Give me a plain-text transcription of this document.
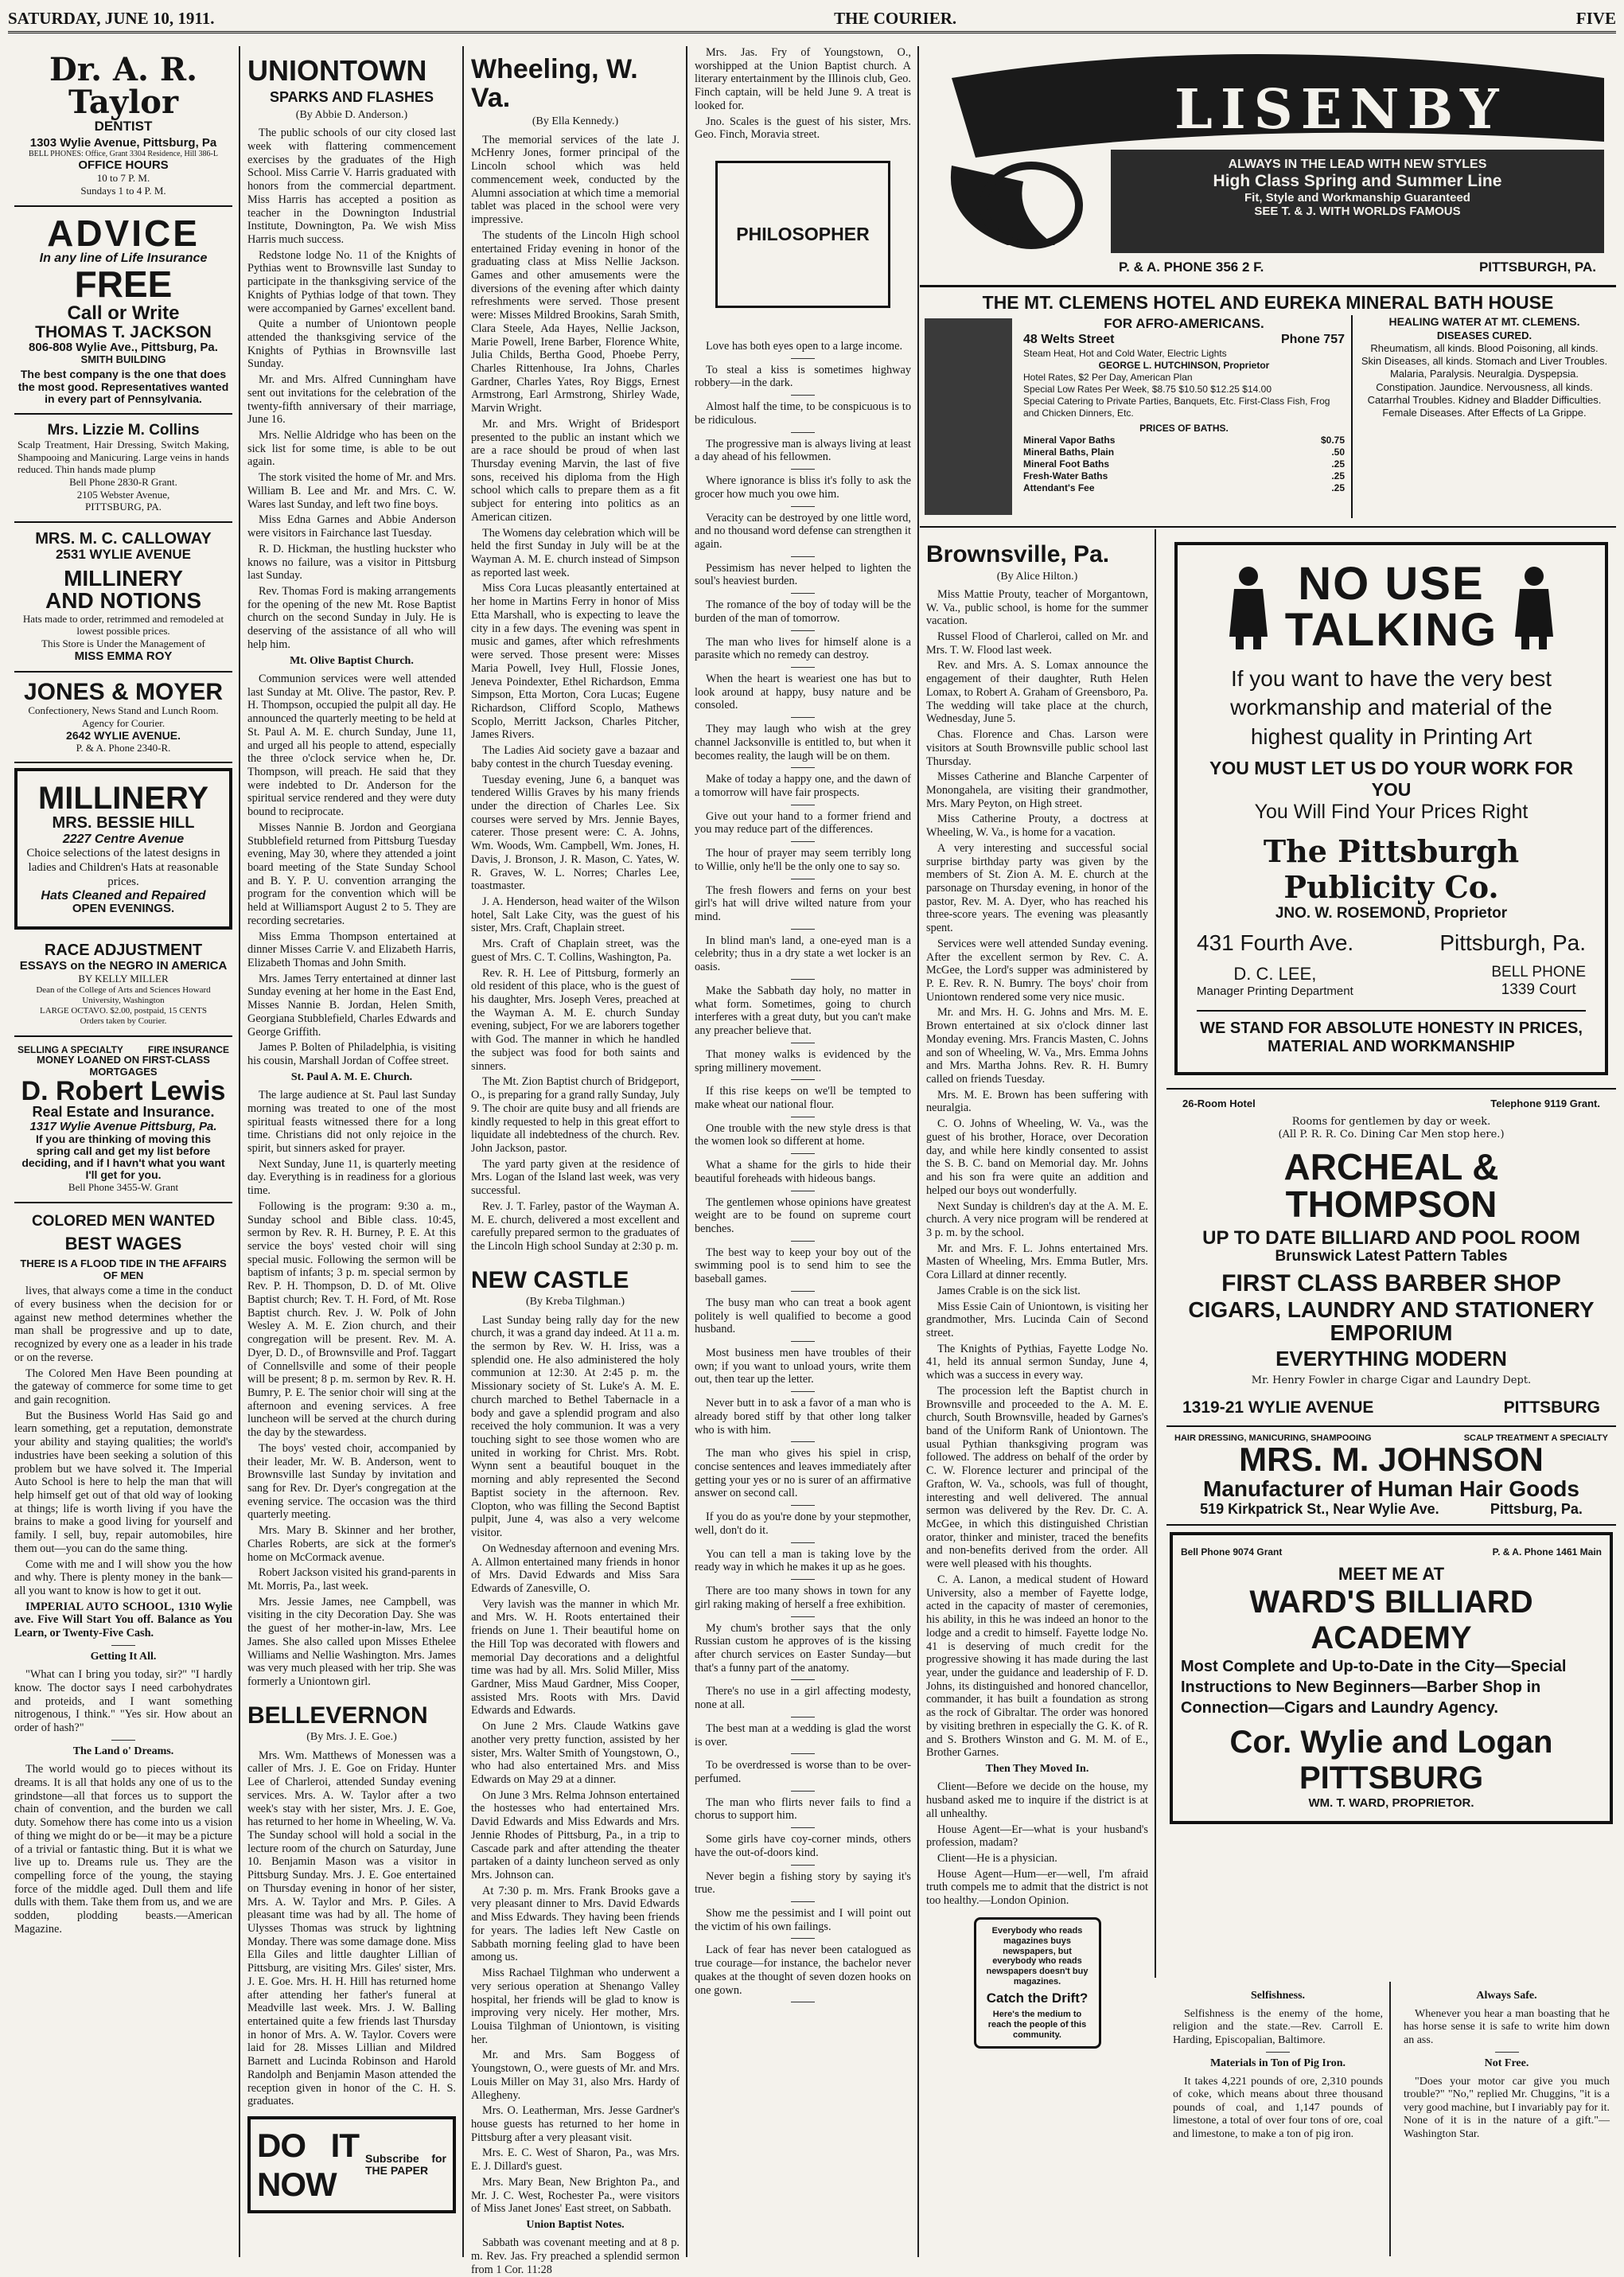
SATURDAY, JUNE 10, 1911.	THE COURIER.	FIVE
Dr. A. R. Taylor
DENTIST
1303 Wylie Avenue, Pittsburg, Pa
BELL PHONES: Office, Grant 3304 Residence, Hill 386-L
OFFICE HOURS
10 to 7 P. M.
Sundays 1 to 4 P. M.
ADVICE
In any line of Life Insurance
FREE
Call or Write
THOMAS T. JACKSON
806-808 Wylie Ave., Pittsburg, Pa.
SMITH BUILDING
The best company is the one that does the most good. Representatives wanted in every part of Pennsylvania.
Mrs. Lizzie M. Collins
Scalp Treatment, Hair Dressing, Switch Making, Shampooing and Manicuring. Large veins in hands reduced. Thin hands made plump
Bell Phone 2830-R Grant.
2105 Webster Avenue,
PITTSBURG, PA.
MRS. M. C. CALLOWAY
2531 WYLIE AVENUE
MILLINERY
AND NOTIONS
Hats made to order, retrimmed and remodeled at lowest possible prices.
This Store is Under the Management of
MISS EMMA ROY
JONES & MOYER
Confectionery, News Stand and Lunch Room.
Agency for Courier.
2642 WYLIE AVENUE.
P. & A. Phone 2340-R.
MILLINERY
MRS. BESSIE HILL
2227 Centre Avenue
Choice selections of the latest designs in ladies and Children's Hats at reasonable prices.
Hats Cleaned and Repaired
OPEN EVENINGS.
RACE ADJUSTMENT
ESSAYS on the NEGRO IN AMERICA
BY KELLY MILLER
Dean of the College of Arts and Sciences Howard University, Washington
LARGE OCTAVO. $2.00, postpaid, 15 CENTS
Orders taken by Courier.
SELLING A SPECIALTY	FIRE INSURANCE
MONEY LOANED ON FIRST-CLASS MORTGAGES
D. Robert Lewis
Real Estate and Insurance.
1317 Wylie Avenue Pittsburg, Pa.
If you are thinking of moving this spring call and get my list before deciding, and if I havn't what you want I'll get for you.
Bell Phone 3455-W. Grant
COLORED MEN WANTED
BEST WAGES
THERE IS A FLOOD TIDE IN THE AFFAIRS OF MEN

lives, that always come a time in the conduct of every business when the decision for or against new method determines whether the man shall be progressive and up to date, recognized by every one as a leader in his trade or on the reverse.

The Colored Men Have Been pounding at the gateway of commerce for some time to get and gain recognition.

But the Business World Has Said go and learn something, get a reputation, demonstrate your ability and staying qualities; the world's industries have been seeking a solution of this problem but we have solved it. The Imperial Auto School is here to help the man that will help himself get out of that old way of looking at things; life is worth living if you have the brains to make a good living for yourself and family. I sell, buy, repair automobiles, hire them out—you can do the same thing.

Come with me and I will show you the how and why. There is plenty money in the bank—all you want to know is how to get it out.

IMPERIAL AUTO SCHOOL, 1310 Wylie ave. Five Will Start You off. Balance as You Learn, or Twenty-Five Cash.

Getting It All.

"What can I bring you today, sir?" "I hardly know. The doctor says I need carbohydrates and proteids, and I want something nitrogenous, I think." "Yes sir. How about an order of hash?"

The Land o' Dreams.

The world would go to pieces without its dreams. It is all that holds any one of us to the grindstone—all that forces us to support the chain of convention, and the burden we call duty. Somehow there has come into us a vision of thing we might do or be—it may be a picture of a trivial or fantastic thing. But it is what we live up to. Dreams rule us. They are the compelling force of the young, the staying force of the middle aged. Dull them and life dulls with them. Take them from us, and we are sodden, plodding beasts.—American Magazine.

UNIONTOWN
SPARKS AND FLASHES
(By Abbie D. Anderson.)

The public schools of our city closed last week with flattering commencement exercises by the graduates of the High School. Miss Carrie V. Harris graduated with honors from the commercial department. Miss Harris has accepted a position as teacher in the Downington Industrial Institute, Downington, Pa. We wish Miss Harris much success.

Redstone lodge No. 11 of the Knights of Pythias went to Brownsville last Sunday to participate in the thanksgiving service of the Knights of Pythias lodge of that town. They were accompanied by Garnes' excellent band.

Quite a number of Uniontown people attended the thanksgiving service of the Knights of Pythias in Brownsville last Sunday.

Mr. and Mrs. Alfred Cunningham have sent out invitations for the celebration of the twenty-fifth anniversary of their marriage, June 16.

Mrs. Nellie Aldridge who has been on the sick list for some time, is able to be out again.

The stork visited the home of Mr. and Mrs. William B. Lee and Mr. and Mrs. C. W. Wares last Sunday, and left two fine boys.

Miss Edna Garnes and Abbie Anderson were visitors in Fairchance last Tuesday.

R. D. Hickman, the hustling huckster who knows no failure, was a visitor in Pittsburg last Sunday.

Rev. Thomas Ford is making arrangements for the opening of the new Mt. Rose Baptist church on the second Sunday in July. He is deserving of the assistance of all who will help him.

Mt. Olive Baptist Church.

Communion services were well attended last Sunday at Mt. Olive. The pastor, Rev. P. H. Thompson, occupied the pulpit all day. He announced the quarterly meeting to be held at St. Paul A. M. E. church Sunday, June 11, and urged all his people to attend, especially the three o'clock service when he, Dr. Thompson, will preach. He said that they were indebted to Dr. Anderson for the spiritual service rendered and they were duty bound to reciprocate.

Misses Nannie B. Jordon and Georgiana Stubblefield returned from Pittsburg Tuesday evening, May 30, where they attended a joint board meeting of the State Sunday School and B. Y. P. U. convention arranging the program for the convention which will be held at Williamsport August 2 to 5. They are recording secretaries.

Miss Emma Thompson entertained at dinner Misses Carrie V. and Elizabeth Harris, Elizabeth Thomas and John Smith.

Mrs. James Terry entertained at dinner last Sunday evening at her home in the East End, Misses Nannie B. Jordan, Helen Smith, Georgiana Stubblefield, Charles Edwards and George Griffith.

James P. Bolten of Philadelphia, is visiting his cousin, Marshall Jordan of Coffee street.

St. Paul A. M. E. Church.

The large audience at St. Paul last Sunday morning was treated to one of the most spiritual feasts witnessed there for a long time. Christians did not only rejoice in the spirit, but sinners asked for prayer.

Next Sunday, June 11, is quarterly meeting day. Everything is in readiness for a glorious time.

Following is the program: 9:30 a. m., Sunday school and Bible class. 10:45, sermon by Rev. R. H. Burney, P. E. At this service the boys' vested choir will sing special music. Following the sermon will be baptism of infants; 3 p. m. special sermon by Rev. P. H. Thompson, D. D. of Mt. Olive Baptist church; Rev. T. H. Ford, of Mt. Rose Baptist church. Rev. J. W. Polk of John Wesley A. M. E. Zion church, and their congregation will be present. Rev. M. A. Dyer, D. D., of Brownsville and Prof. Taggart of Connellsville and some of their people will be present; 8 p. m. sermon by Rev. R. H. Bumry, P. E. The senior choir will sing at the afternoon and evening services. A free luncheon will be served at the church during the day by the stewardess.

The boys' vested choir, accompanied by their leader, Mr. W. B. Anderson, went to Brownsville last Sunday by invitation and sang for Rev. Dr. Dyer's congregation at the evening service. The occasion was the third quarterly meeting.

Mrs. Mary B. Skinner and her brother, Charles Roberts, are sick at the former's home on McCormack avenue.

Robert Jackson visited his grand-parents in Mt. Morris, Pa., last week.

Mrs. Jessie James, nee Campbell, was visiting in the city Decoration Day. She was the guest of her mother-in-law, Mrs. Lee James. She also called upon Misses Ethelee Williams and Nellie Washington. Mrs. James was very much pleased with her trip. She was formerly a Uniontown girl.

BELLEVERNON
(By Mrs. J. E. Goe.)

Mrs. Wm. Matthews of Monessen was a caller of Mrs. J. E. Goe on Friday. Hunter Lee of Charleroi, attended Sunday evening services. Mrs. A. W. Taylor after a two week's stay with her sister, Mrs. J. E. Goe, has returned to her home in Wheeling, W. Va. The Sunday school will hold a social in the lecture room of the church on Saturday, June 10. Benjamin Mason was a visitor in Pittsburg Sunday. Mrs. J. E. Goe entertained on Thursday evening in honor of her sister, Mrs. A. W. Taylor and Mrs. P. Giles. A pleasant time was had by all. The home of Ulysses Thomas was struck by lightning Monday. There was some damage done. Miss Ella Giles and little daughter Lillian of Pittsburg, are visiting Mrs. Giles' sister, Mrs. J. E. Goe. Mrs. H. H. Hill has returned home after attending her father's funeral at Meadville last week. Mrs. J. W. Balling entertained quite a few friends last Thursday in honor of Mrs. A. W. Taylor. Covers were laid for 28. Misses Lillian and Mildred Barnett and Lucinda Robinson and Harold Randolph and Benjamin Mason attended the reception given in honor of the C. H. S. graduates.

DO IT NOW
Subscribe for THE PAPER
Wheeling, W. Va.
(By Ella Kennedy.)

The memorial services of the late J. McHenry Jones, former principal of the Lincoln school which was held commencement week, conducted by the Alumni association at which time a memorial tablet was placed in the school were very impressive.

The students of the Lincoln High school entertained Friday evening in honor of the graduating class at Miss Nellie Jackson. Games and other amusements were the diversions of the evening after which dainty refreshments were served. Those present were: Misses Mildred Brookins, Sarah Smith, Clara Steele, Ada Hayes, Nellie Jackson, Marie Powell, Irene Barber, Florence White, Julia Childs, Bertha Good, Phoebe Perry, Charles Rittenhouse, Ira Johns, Charles Gardner, Charles Yates, Roy Biggs, Ernest Armstrong, Earl Armstrong, Shirley Wade, Marvin Wright.

Mr. and Mrs. Wright of Bridesport presented to the public an instant which we are a race should be proud of when last Thursday evening Marvin, the last of five sons, received his diploma from the High school which calls to prepare them as a fit subject for entering into politics as an American citizen.

The Womens day celebration which will be held the first Sunday in July will be at the Wayman A. M. E. church instead of Simpson as reported last week.

Miss Cora Lucas pleasantly entertained at her home in Martins Ferry in honor of Miss Etta Marshall, who is expecting to leave the city in a few days. The evening was spent in music and games, after which refreshments were served. Those present were: Misses Maria Powell, Ivey Hull, Flossie Jones, Jeneva Poindexter, Ethel Richardson, Emma Simpson, Etta Morton, Cora Lucas; Eugene Richardson, Clifford Scoplo, Mathews Scoplo, Merritt Jackson, Charles Pitcher, James Rivers.

The Ladies Aid society gave a bazaar and baby contest in the church Tuesday evening.

Tuesday evening, June 6, a banquet was tendered Willis Graves by his many friends under the direction of Charles Lee. Six courses were served by Mrs. Jennie Bayes, caterer. Those present were: C. A. Johns, Wm. Woods, Wm. Campbell, Wm. Jones, H. Davis, J. Bronson, J. R. Mason, C. Yates, W. R. Graves, W. L. Norres; Charles Lee, toastmaster.

J. A. Henderson, head waiter of the Wilson hotel, Salt Lake City, was the guest of his sister, Mrs. Craft, Chaplain street.

Mrs. Craft of Chaplain street, was the guest of Mrs. C. T. Collins, Washington, Pa.

Rev. R. H. Lee of Pittsburg, formerly an old resident of this place, who is the guest of his daughter, Mrs. Joseph Veres, preached at the Wayman A. M. E. church Sunday evening, subject, For we are laborers together with God. The manner in which he handled the subject was food for both saints and sinners.

The Mt. Zion Baptist church of Bridgeport, O., is preparing for a grand rally Sunday, July 9. The choir are quite busy and all friends are kindly requested to help in this great effort to liquidate all indebtedness of the church. Rev. John Jackson, pastor.

The yard party given at the residence of Mrs. Logan of the Island last week, was very successful.

Rev. J. T. Farley, pastor of the Wayman A. M. E. church, delivered a most excellent and carefully prepared sermon to the graduates of the Lincoln High school Sunday at 2:30 p. m.

NEW CASTLE
(By Kreba Tilghman.)

Last Sunday being rally day for the new church, it was a grand day indeed. At 11 a. m. the sermon by Rev. W. H. Iriss, was a splendid one. He also administered the holy communion at 12:30. At 2:45 p. m. the Missionary society of St. Luke's A. M. E. church marched to Bethel Tabernacle in a body and gave a splendid program and also received the holy communion. It was a very touching sight to see those women who are united in working for Christ. Mrs. Robt. Wynn sent a beautiful bouquet in the morning and ably represented the Second Baptist society in the afternoon. Rev. Clopton, who was filling the Second Baptist pulpit, June 4, was also a very welcome visitor.

On Wednesday afternoon and evening Mrs. A. Allmon entertained many friends in honor of Mrs. David Edwards and Miss Sara Edwards of Zanesville, O.

Very lavish was the manner in which Mr. and Mrs. W. H. Roots entertained their friends on June 1. Their beautiful home on the Hill Top was decorated with flowers and memorial Day decorations and a delightful time was had by all. Mrs. Solid Miller, Miss Gardner, Miss Maud Gardner, Miss Cooper, assisted Mrs. Roots with Mrs. David Edwards and Edwards.

On June 2 Mrs. Claude Watkins gave another very pretty function, assisted by her sister, Mrs. Walter Smith of Youngstown, O., who had also entertained Mrs. and Miss Edwards on May 29 at a dinner.

On June 3 Mrs. Relma Johnson entertained the hostesses who had entertained Mrs. David Edwards and Miss Edwards and Mrs. Jennie Rhodes of Pittsburg, Pa., in a trip to Cascade park and after attending the theater partaken of a dainty luncheon served as only Mrs. Johnson can.

At 7:30 p. m. Mrs. Frank Brooks gave a very pleasant dinner to Mrs. David Edwards and Miss Edwards. They having been friends for years. The ladies left New Castle on Sabbath morning feeling glad to have been among us.

Miss Rachael Tilghman who underwent a very serious operation at Shenango Valley hospital, her friends will be glad to know is improving very nicely. Her mother, Mrs. Louisa Tilghman of Uniontown, is visiting her.

Mr. and Mrs. Sam Boggess of Youngstown, O., were guests of Mr. and Mrs. Louis Miller on May 31, also Mrs. Hardy of Allegheny.

Mrs. O. Leatherman, Mrs. Jesse Gardner's house guests has returned to her home in Pittsburg after a very pleasant visit.

Mrs. E. C. West of Sharon, Pa., was Mrs. E. J. Dillard's guest.

Mrs. Mary Bean, New Brighton Pa., and Mr. J. C. West, Rochester Pa., were visitors of Miss Janet Jones' East street, on Sabbath.

Union Baptist Notes.

Sabbath was covenant meeting and at 8 p. m. Rev. Jas. Fry preached a splendid sermon from 1 Cor. 11:28

Mrs. Jas. Fry of Youngstown, O., worshipped at the Union Baptist church. A literary entertainment by the Illinois club, Geo. Finch captain, will be held June 9. A treat is looked for.

Jno. Scales is the guest of his sister, Mrs. Geo. Finch, Moravia street.

PHILOSOPHER

Love has both eyes open to a large income.

To steal a kiss is sometimes highway robbery—in the dark.

Almost half the time, to be conspicuous is to be ridiculous.

The progressive man is always living at least a day ahead of his fellowmen.

Where ignorance is bliss it's folly to ask the grocer how much you owe him.

Veracity can be destroyed by one little word, and no thousand word defense can strengthen it again.

Pessimism has never helped to lighten the soul's heaviest burden.

The romance of the boy of today will be the burden of the man of tomorrow.

The man who lives for himself alone is a parasite which no remedy can destroy.

When the heart is weariest one has but to look around at happy, busy nature and be consoled.

They may laugh who wish at the grey channel Jacksonville is entitled to, but when it becomes reality, the laugh will be on them.

Make of today a happy one, and the dawn of a tomorrow will have fair prospects.

Give out your hand to a former friend and you may reduce part of the differences.

The hour of prayer may seem terribly long to Willie, only he'll be the only one to say so.

The fresh flowers and ferns on your best girl's hat will drive wilted nature from your mind.

In blind man's land, a one-eyed man is a celebrity; thus in a dry state a wet locker is an oasis.

Make the Sabbath day holy, no matter in what form. Sometimes, going to church interferes with a great duty, but you can't make any preacher believe that.

That money walks is evidenced by the spring millinery movement.

If this rise keeps on we'll be tempted to make wheat our national flour.

One trouble with the new style dress is that the women look so different at home.

What a shame for the girls to hide their beautiful foreheads with hideous bangs.

The gentlemen whose opinions have greatest weight are to be found on supreme court benches.

The best way to keep your boy out of the swimming pool is to send him to see the baseball games.

The busy man who can treat a book agent politely is well qualified to become a good husband.

Most business men have troubles of their own; if you want to unload yours, write them out, then tear up the letter.

Never butt in to ask a favor of a man who is already bored stiff by that other long talker who is with him.

The man who gives his spiel in crisp, concise sentences and leaves immediately after getting your yes or no is surer of an affirmative answer on second call.

If you do as you're done by your stepmother, well, don't do it.

You can tell a man is taking love by the ready way in which he makes it up as he goes.

There are too many shows in town for any girl raking making of herself a free exhibition.

My chum's brother says that the only Russian custom he approves of is the kissing after church services on Easter Sunday—but that's a funny part of the anatomy.

There's no use in a girl affecting modesty, none at all.

The best man at a wedding is glad the worst is over.

To be overdressed is worse than to be over-perfumed.

The man who flirts never fails to find a chorus to support him.

Some girls have coy-corner minds, others have the out-of-doors kind.

Never begin a fishing story by saying it's true.

Show me the pessimist and I will point out the victim of his own failings.

Lack of fear has never been catalogued as true courage—for instance, the bachelor never quakes at the thought of seven dozen hooks on one gown.

LISENBY
ALWAYS IN THE LEAD WITH NEW STYLES
High Class Spring and Summer Line
Fit, Style and Workmanship Guaranteed
SEE T. & J. WITH WORLDS FAMOUS
P. & A. PHONE 356 2 F.	PITTSBURGH, PA.
THE MT. CLEMENS HOTEL AND EUREKA MINERAL BATH HOUSE
FOR AFRO-AMERICANS.
48 Welts Street	Phone 757
Steam Heat, Hot and Cold Water, Electric Lights
GEORGE L. HUTCHINSON, Proprietor
Hotel Rates, $2 Per Day, American Plan
Special Low Rates Per Week, $8.75 $10.50 $12.25 $14.00
Special Catering to Private Parties, Banquets, Etc. First-Class Fish, Frog and Chicken Dinners, Etc.
PRICES OF BATHS.
Mineral Vapor Baths	$0.75
Mineral Baths, Plain	.50
Mineral Foot Baths	.25
Fresh-Water Baths	.25
Attendant's Fee	.25
HEALING WATER AT MT. CLEMENS.
DISEASES CURED.
Rheumatism, all kinds. Blood Poisoning, all kinds. Skin Diseases, all kinds. Stomach and Liver Troubles. Malaria, Paralysis. Neuralgia. Dyspepsia. Constipation. Jaundice. Nervousness, all kinds. Catarrhal Troubles. Kidney and Bladder Difficulties. Female Diseases. After Effects of La Grippe.
Brownsville, Pa.
(By Alice Hilton.)

Miss Mattie Prouty, teacher of Morgantown, W. Va., public school, is home for the summer vacation.

Russel Flood of Charleroi, called on Mr. and Mrs. T. W. Flood last week.

Rev. and Mrs. A. S. Lomax announce the engagement of their daughter, Ruth Helen Lomax, to Robert A. Graham of Greensboro, Pa. The wedding will take place at the church, Wednesday, June 5.

Chas. Florence and Chas. Larson were visitors at South Brownsville public school last Thursday.

Misses Catherine and Blanche Carpenter of Monongahela, are visiting their grandmother, Mrs. Mary Peyton, on High street.

Miss Catherine Prouty, a doctress at Wheeling, W. Va., is home for a vacation.

A very interesting and successful social surprise birthday party was given by the members of St. Zion A. M. E. church at the parsonage on Thursday evening, in honor of the pastor, Rev. M. A. Dyer, who has reached his three-score years. The evening was pleasantly spent.

Services were well attended Sunday evening. After the excellent sermon by Rev. C. A. McGee, the Lord's supper was administered by P. E. Rev. R. N. Bumry. The boys' choir from Uniontown rendered some very nice music.

Mr. and Mrs. H. G. Johns and Mrs. M. E. Brown entertained at six o'clock dinner last Monday evening. Mrs. Francis Masten, C. Johns and son of Wheeling, W. Va., Mrs. Emma Johns and Mrs. Martha Johns. Rev. R. H. Bumry called on friends Tuesday.

Mrs. M. E. Brown has been suffering with neuralgia.

C. O. Johns of Wheeling, W. Va., was the guest of his brother, Horace, over Decoration day, and while here kindly consented to assist the S. B. C. band on Memorial day. Mr. Johns and his son fra were quite an addition and helped our boys out wonderfully.

Next Sunday is children's day at the A. M. E. church. A very nice program will be rendered at 3 p. m. by the school.

Mr. and Mrs. F. L. Johns entertained Mrs. Masten of Wheeling, Mrs. Emma Butler, Mrs. Cora Lillard at dinner recently.

James Crable is on the sick list.

Miss Essie Cain of Uniontown, is visiting her grandmother, Mrs. Lucinda Cain of Second street.

The Knights of Pythias, Fayette Lodge No. 41, held its annual sermon Sunday, June 4, which was a success in every way.

The procession left the Baptist church in Brownsville and proceeded to the A. M. E. church, South Brownsville, headed by Garnes's band of the Uniform Rank of Uniontown. The usual Pythian thanksgiving program was followed. The address on behalf of the order by C. W. Florence lecturer and principal of the Grafton, W. Va., schools, was full of thought, interesting and well delivered. The annual sermon was delivered by the Rev. Dr. C. A. McGee, in which this distinguished Christian orator, thinker and minister, traced the benefits and non-benefits derived from the order. All were well pleased with his thoughts.

C. A. Lanon, a medical student of Howard University, also a member of Fayette lodge, acted in the capacity of master of ceremonies, his ability, in this he was indeed an honor to the lodge and a credit to himself. Fayette lodge No. 41 is deserving of much credit for the progressive showing it has made during the last year, under the guidance and leadership of F. D. Johns, its distinguished and honored chancellor, commander, it has built a foundation as strong as the rock of Gibraltar. The order was honored by visiting brethren in especially the G. K. of R. and S. Brothers Winston and G. M. M. of E., Brother Garnes.

Then They Moved In.

Client—Before we decide on the house, my husband asked me to inquire if the district is at all unhealthy.

House Agent—Er—what is your husband's profession, madam?

Client—He is a physician.

House Agent—Hum—er—well, I'm afraid truth compels me to admit that the district is not too healthy.—London Opinion.

Everybody who reads magazines buys newspapers, but everybody who reads newspapers doesn't buy magazines.
Catch the Drift?
Here's the medium to reach the people of this community.
NO USE
TALKING
If you want to have the very best workmanship and material of the highest quality in Printing Art
YOU MUST LET US DO YOUR WORK FOR YOU
You Will Find Your Prices Right
The Pittsburgh Publicity Co.
JNO. W. ROSEMOND, Proprietor
431 Fourth Ave.	Pittsburgh, Pa.
D. C. LEE,
Manager Printing Department
BELL PHONE
1339 Court
WE STAND FOR ABSOLUTE HONESTY IN PRICES, MATERIAL AND WORKMANSHIP
26-Room Hotel	Telephone 9119 Grant.
Rooms for gentlemen by day or week.
(All P. R. R. Co. Dining Car Men stop here.)
ARCHEAL & THOMPSON
UP TO DATE BILLIARD AND POOL ROOM
Brunswick Latest Pattern Tables
FIRST CLASS BARBER SHOP
CIGARS, LAUNDRY AND STATIONERY EMPORIUM
EVERYTHING MODERN
Mr. Henry Fowler in charge Cigar and Laundry Dept.
1319-21 WYLIE AVENUE	PITTSBURG
HAIR DRESSING, MANICURING, SHAMPOOING	SCALP TREATMENT A SPECIALTY
MRS. M. JOHNSON
Manufacturer of Human Hair Goods
519 Kirkpatrick St., Near Wylie Ave.	Pittsburg, Pa.
Bell Phone 9074 Grant	P. & A. Phone 1461 Main
MEET ME AT
WARD'S BILLIARD ACADEMY
Most Complete and Up-to-Date in the City—Special Instructions to New Beginners—Barber Shop in Connection—Cigars and Laundry Agency.
Cor. Wylie and Logan
PITTSBURG
WM. T. WARD, PROPRIETOR.
Selfishness.

Selfishness is the enemy of the home, religion and the state.—Rev. Carroll E. Harding, Episcopalian, Baltimore.

Materials in Ton of Pig Iron.

It takes 4,221 pounds of ore, 2,310 pounds of coke, which means about three thousand pounds of coal, and 1,147 pounds of limestone, a total of over four tons of ore, coal and limestone, to make a ton of pig iron.

Always Safe.

Whenever you hear a man boasting that he has horse sense it is safe to write him down an ass.

Not Free.

"Does your motor car give you much trouble?" "No," replied Mr. Chuggins, "it is a very good machine, but I invariably pay for it. None of it is in the nature of a gift."—Washington Star.
